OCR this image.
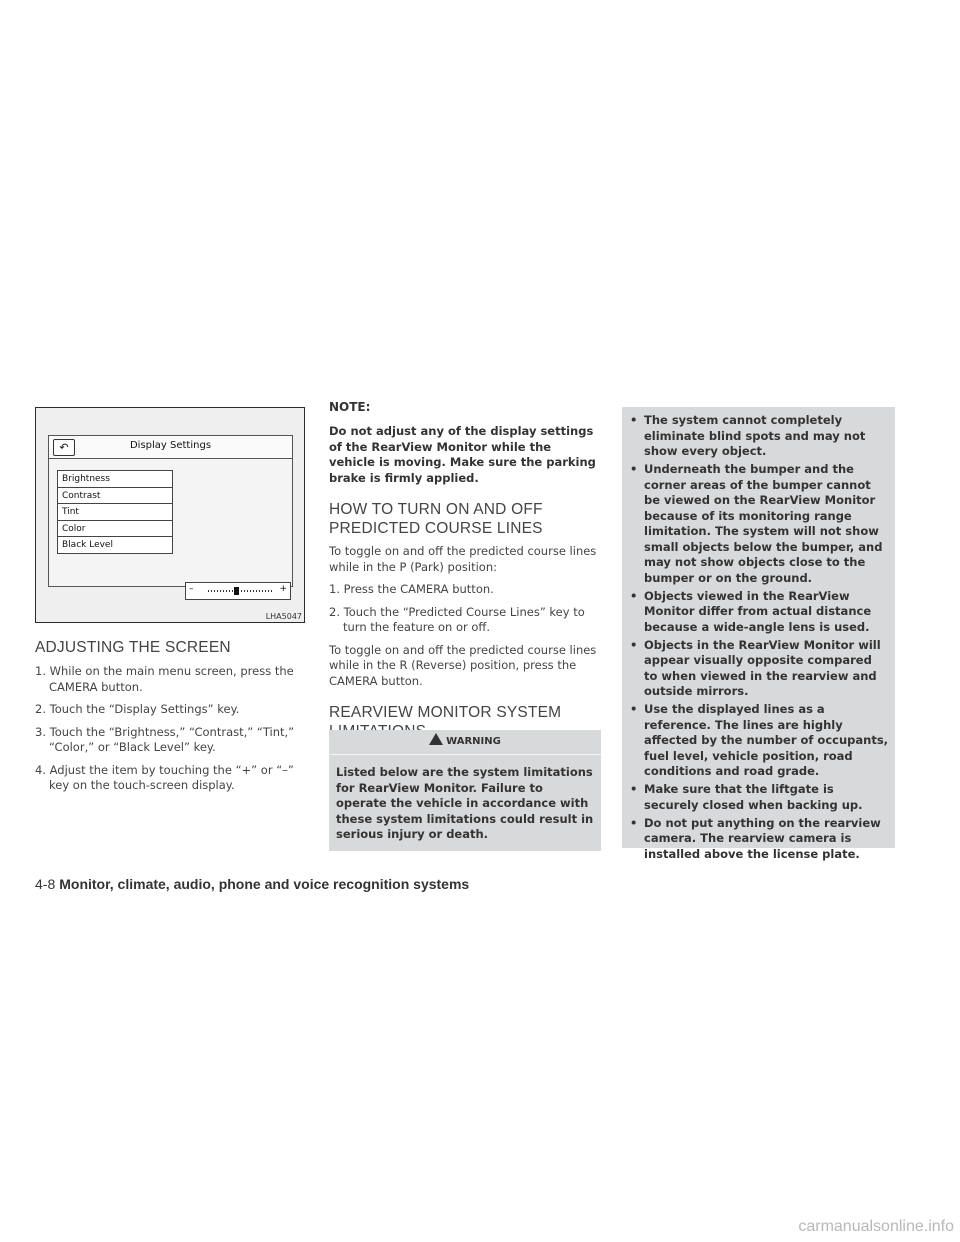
↶	Display Settings
Brightness
Contrast
Tint
Color
Black Level
–	+
LHA5047
ADJUSTING THE SCREEN
1. While on the main menu screen, press the CAMERA button.
2. Touch the “Display Settings” key.
3. Touch the “Brightness,” “Contrast,” “Tint,” “Color,” or “Black Level” key.
4. Adjust the item by touching the “+” or “–” key on the touch-screen display.

NOTE:

Do not adjust any of the display settings of the RearView Monitor while the vehicle is moving. Make sure the parking brake is firmly applied.

HOW TO TURN ON AND OFF
PREDICTED COURSE LINES

To toggle on and off the predicted course lines while in the P (Park) position:

1. Press the CAMERA button.
2. Touch the “Predicted Course Lines” key to turn the feature on or off.

To toggle on and off the predicted course lines while in the R (Reverse) position, press the CAMERA button.

REARVIEW MONITOR SYSTEM
WARNING
Listed below are the system limitations for RearView Monitor. Failure to operate the vehicle in accordance with these system limitations could result in serious injury or death.
• The system cannot completely eliminate blind spots and may not show every object.
• Underneath the bumper and the corner areas of the bumper cannot be viewed on the RearView Monitor because of its monitoring range limitation. The system will not show small objects below the bumper, and may not show objects close to the bumper or on the ground.
• Objects viewed in the RearView Monitor differ from actual distance because a wide-angle lens is used.
• Objects in the RearView Monitor will appear visually opposite compared to when viewed in the rearview and outside mirrors.
• Use the displayed lines as a reference. The lines are highly affected by the number of occupants, fuel level, vehicle position, road conditions and road grade.
• Make sure that the liftgate is securely closed when backing up.
• Do not put anything on the rearview camera. The rearview camera is installed above the license plate.
4-8 Monitor, climate, audio, phone and voice recognition systems
carmanualsonline.info
